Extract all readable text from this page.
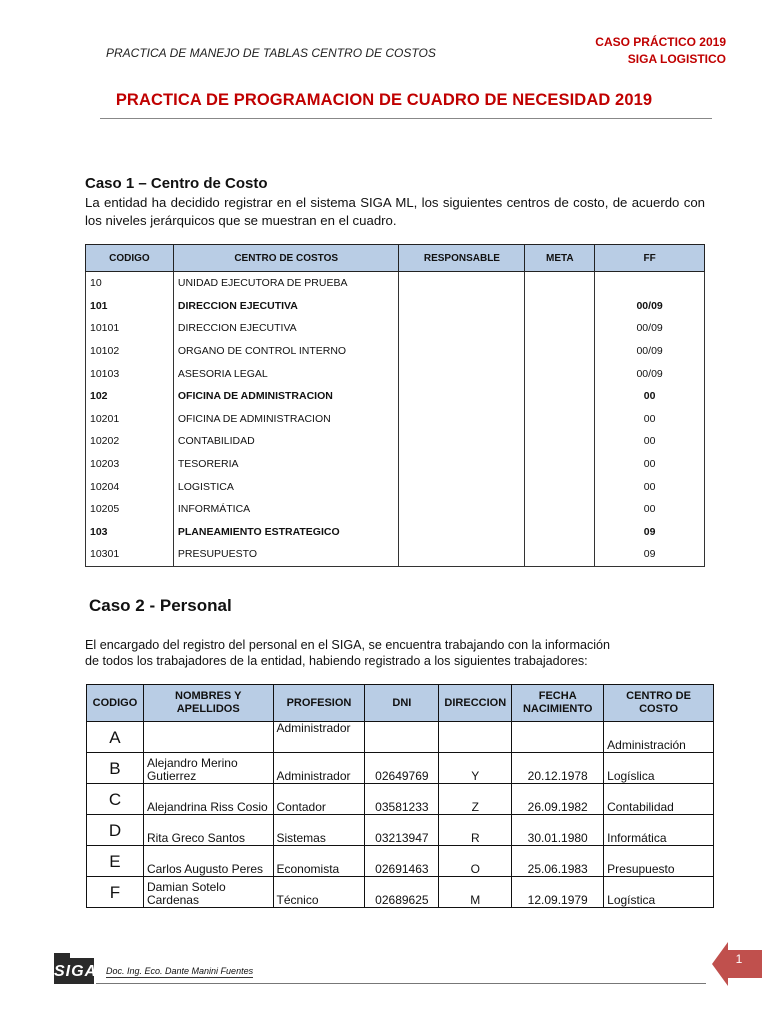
PRACTICA DE MANEJO DE TABLAS CENTRO DE COSTOS
CASO PRÁCTICO 2019
SIGA LOGISTICO
PRACTICA DE PROGRAMACION DE CUADRO DE NECESIDAD 2019
Caso 1 – Centro de Costo
La entidad ha decidido registrar en el sistema SIGA ML, los siguientes centros de costo, de acuerdo con los niveles jerárquicos que se muestran en el cuadro.
CODIGO	CENTRO DE COSTOS	RESPONSABLE	META	FF
10	UNIDAD EJECUTORA DE PRUEBA			
101	DIRECCION EJECUTIVA			00/09
10101	DIRECCION EJECUTIVA			00/09
10102	ORGANO DE CONTROL INTERNO			00/09
10103	ASESORIA LEGAL			00/09
102	OFICINA DE ADMINISTRACION			00
10201	OFICINA DE ADMINISTRACION			00
10202	CONTABILIDAD			00
10203	TESORERIA			00
10204	LOGISTICA			00
10205	INFORMÁTICA			00
103	PLANEAMIENTO ESTRATEGICO			09
10301	PRESUPUESTO			09
Caso 2 - Personal
El encargado del registro del personal en el SIGA, se encuentra trabajando con la información
de todos los trabajadores de la entidad, habiendo registrado a los siguientes trabajadores:
CODIGO	NOMBRES Y APELLIDOS	PROFESION	DNI	DIRECCION	FECHA NACIMIENTO	CENTRO DE COSTO
A		Administrador				Administración
B	Alejandro Merino Gutierrez	Administrador	02649769	Y	20.12.1978	Logíslica
C	Alejandrina Riss Cosio	Contador	03581233	Z	26.09.1982	Contabilidad
D	Rita Greco Santos	Sistemas	03213947	R	30.01.1980	Informática
E	Carlos Augusto Peres	Economista	02691463	O	25.06.1983	Presupuesto
F	Damian Sotelo Cardenas	Técnico	02689625	M	12.09.1979	Logística
SIGA Doc. Ing. Eco. Dante Manini Fuentes
1
